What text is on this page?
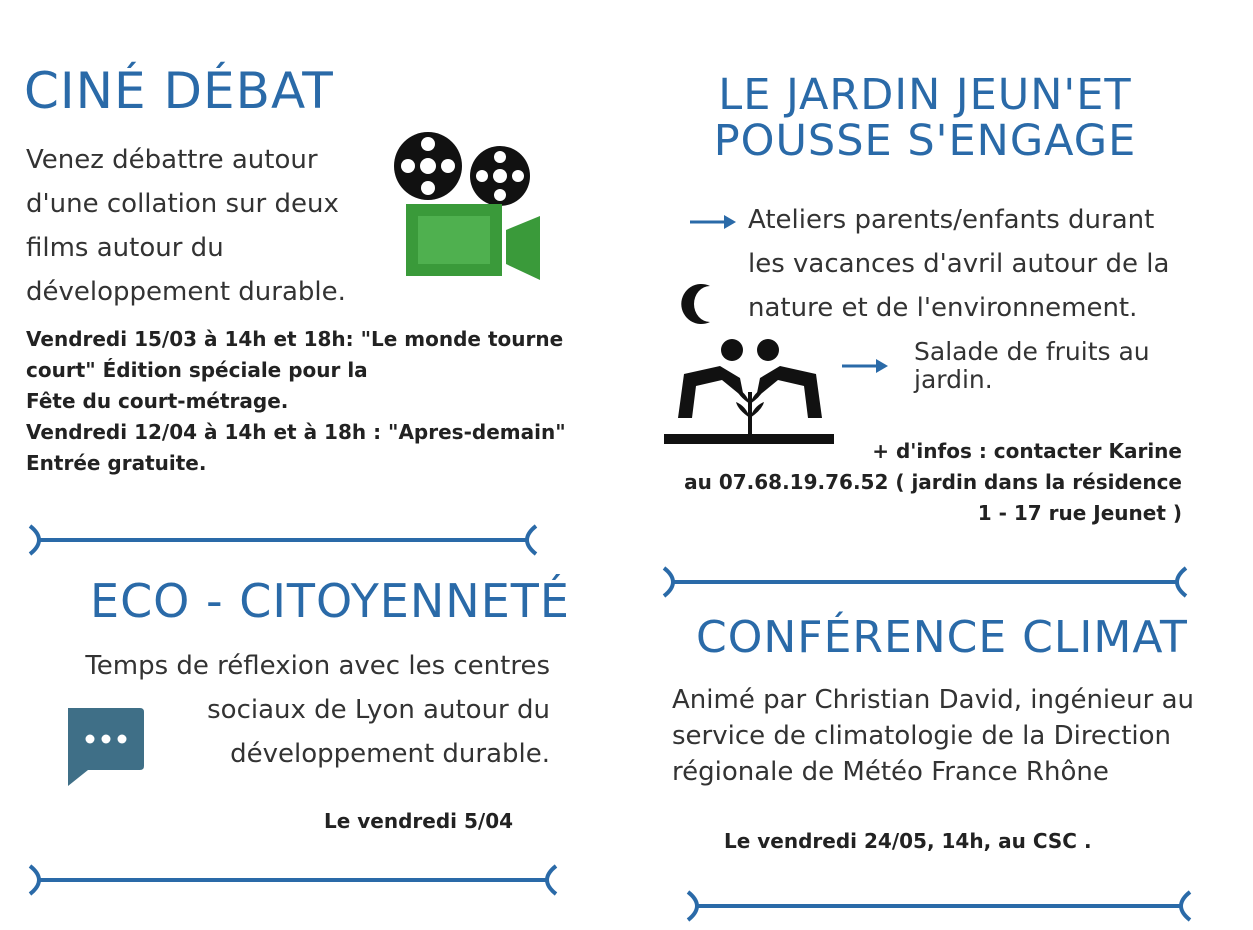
CINÉ DÉBAT
Venez débattre autour
d'une collation sur deux
films autour du
développement durable.
Vendredi 15/03 à 14h et 18h: "Le monde tourne
court" Édition spéciale pour la
Fête du court-métrage.
Vendredi 12/04 à 14h et à 18h : "Apres-demain"
Entrée gratuite.
ECO - CITOYENNETÉ
Temps de réflexion avec les centres
sociaux de Lyon autour du
développement durable.
Le vendredi 5/04
LE JARDIN JEUN'ET
POUSSE S'ENGAGE
Ateliers parents/enfants durant
les vacances d'avril autour de la
nature et de l'environnement.
Salade de fruits au
jardin.
+ d'infos : contacter Karine
au 07.68.19.76.52 ( jardin dans la résidence
1 - 17 rue Jeunet )
CONFÉRENCE CLIMAT
Animé par Christian David, ingénieur au
service de climatologie de la Direction
régionale de Météo France Rhône
Le vendredi 24/05, 14h, au CSC .
